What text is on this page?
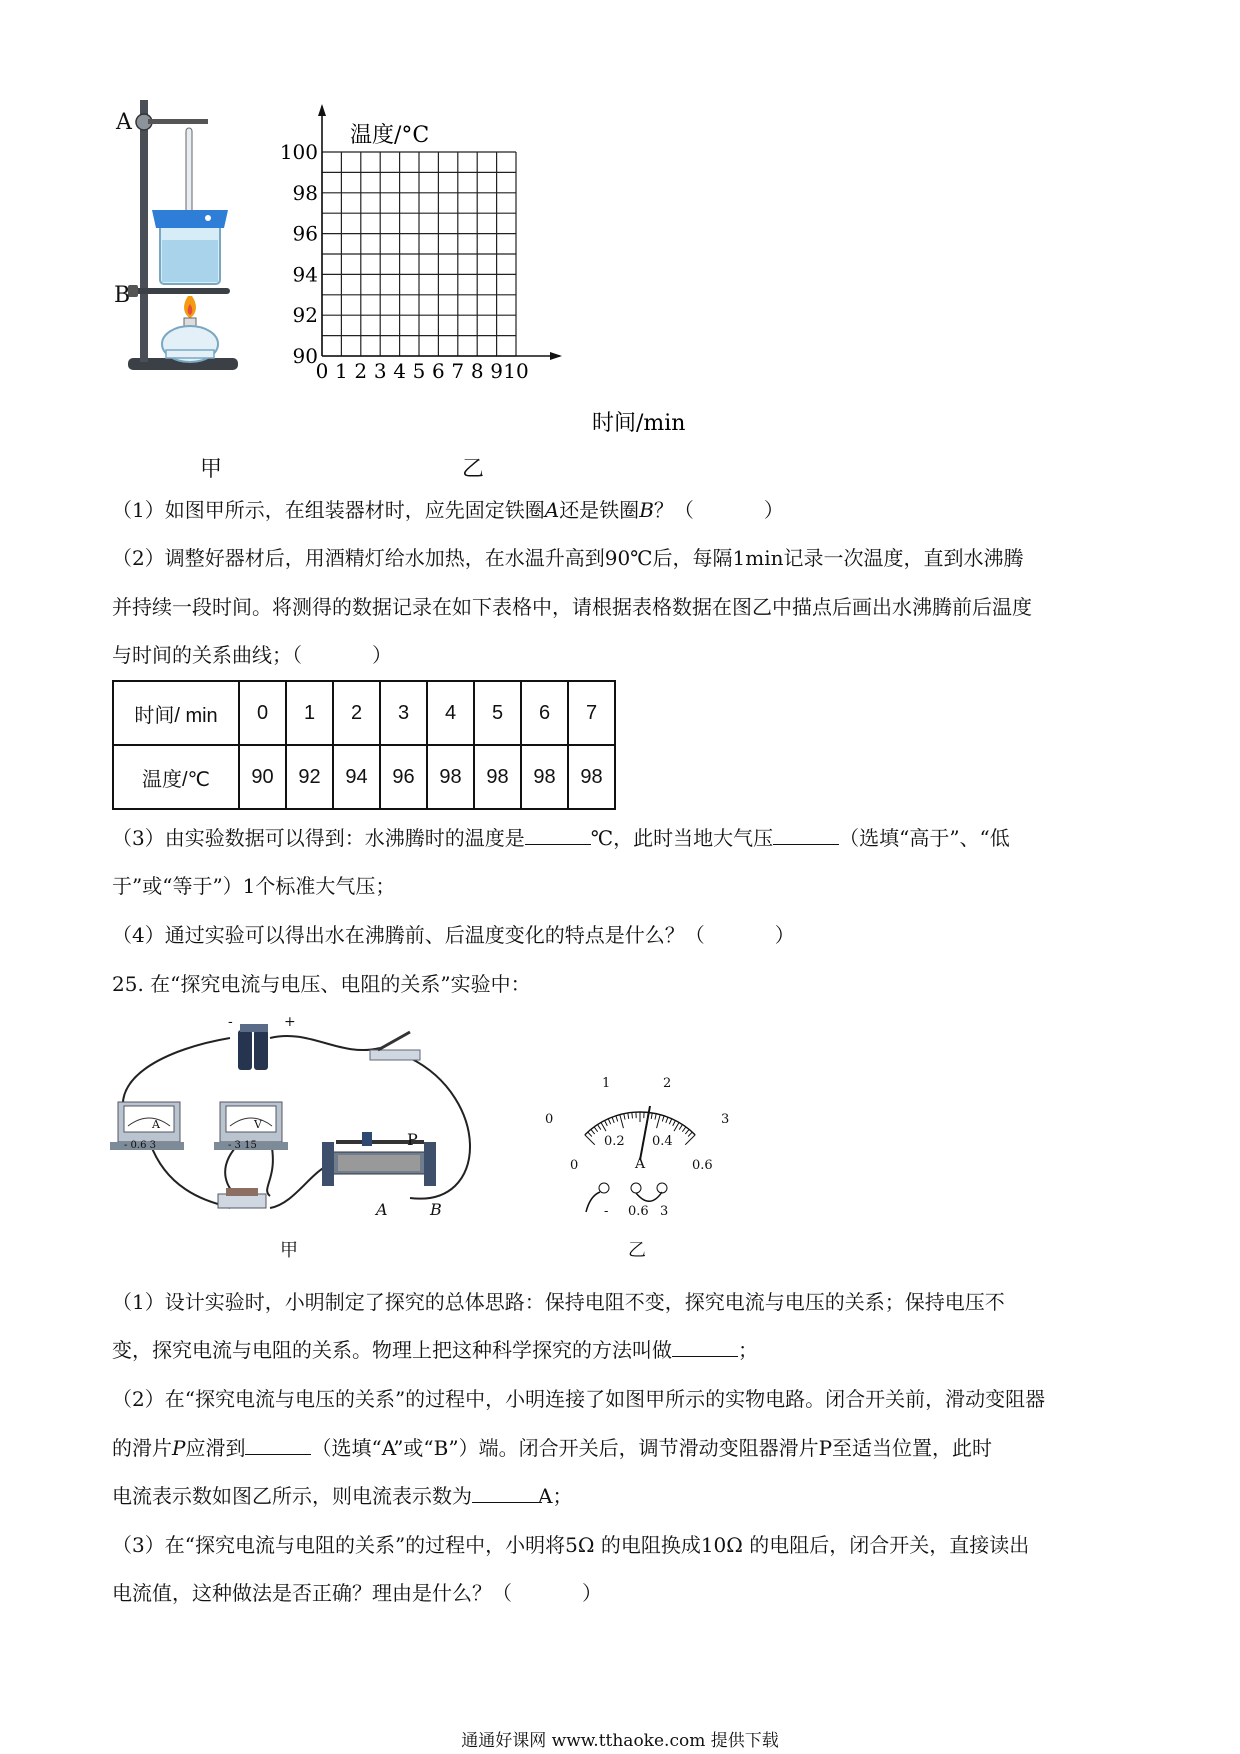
A
B
甲
90
92
94
96
98
100
0 1 2 3 4 5 6 7 8 9 10
温度/°C
时间/min
乙
（1）如图甲所示，在组装器材时，应先固定铁圈A还是铁圈B？（	）
（2）调整好器材后，用酒精灯给水加热，在水温升高到90℃后，每隔1min记录一次温度，直到水沸腾
并持续一段时间。将测得的数据记录在如下表格中，请根据表格数据在图乙中描点后画出水沸腾前后温度
与时间的关系曲线；（	）
时间/ min	0	1	2	3	4	5	6	7
温度/℃	90	92	94	96	98	98	98	98
（3）由实验数据可以得到：水沸腾时的温度是	℃，此时当地大气压	（选填“高于”、“低
于”或“等于”）1个标准大气压；
（4）通过实验可以得出水在沸腾前、后温度变化的特点是什么？（	）
25. 在“探究电流与电压、电阻的关系”实验中：
-	+
A	V
- 0.6 3	- 3 15	P
A	B
甲
0
1	2
3
0
0.2 0.4
0.6
A
- 0.6 3
乙
（1）设计实验时，小明制定了探究的总体思路：保持电阻不变，探究电流与电压的关系；保持电压不
变，探究电流与电阻的关系。物理上把这种科学探究的方法叫做	；
（2）在“探究电流与电压的关系”的过程中，小明连接了如图甲所示的实物电路。闭合开关前，滑动变阻器
的滑片P应滑到	（选填“A”或“B”）端。闭合开关后，调节滑动变阻器滑片P至适当位置，此时
电流表示数如图乙所示，则电流表示数为	A；
（3）在“探究电流与电阻的关系”的过程中，小明将5Ω 的电阻换成10Ω 的电阻后，闭合开关，直接读出
电流值，这种做法是否正确？理由是什么？（	）
通通好课网 www.tthaoke.com 提供下载
